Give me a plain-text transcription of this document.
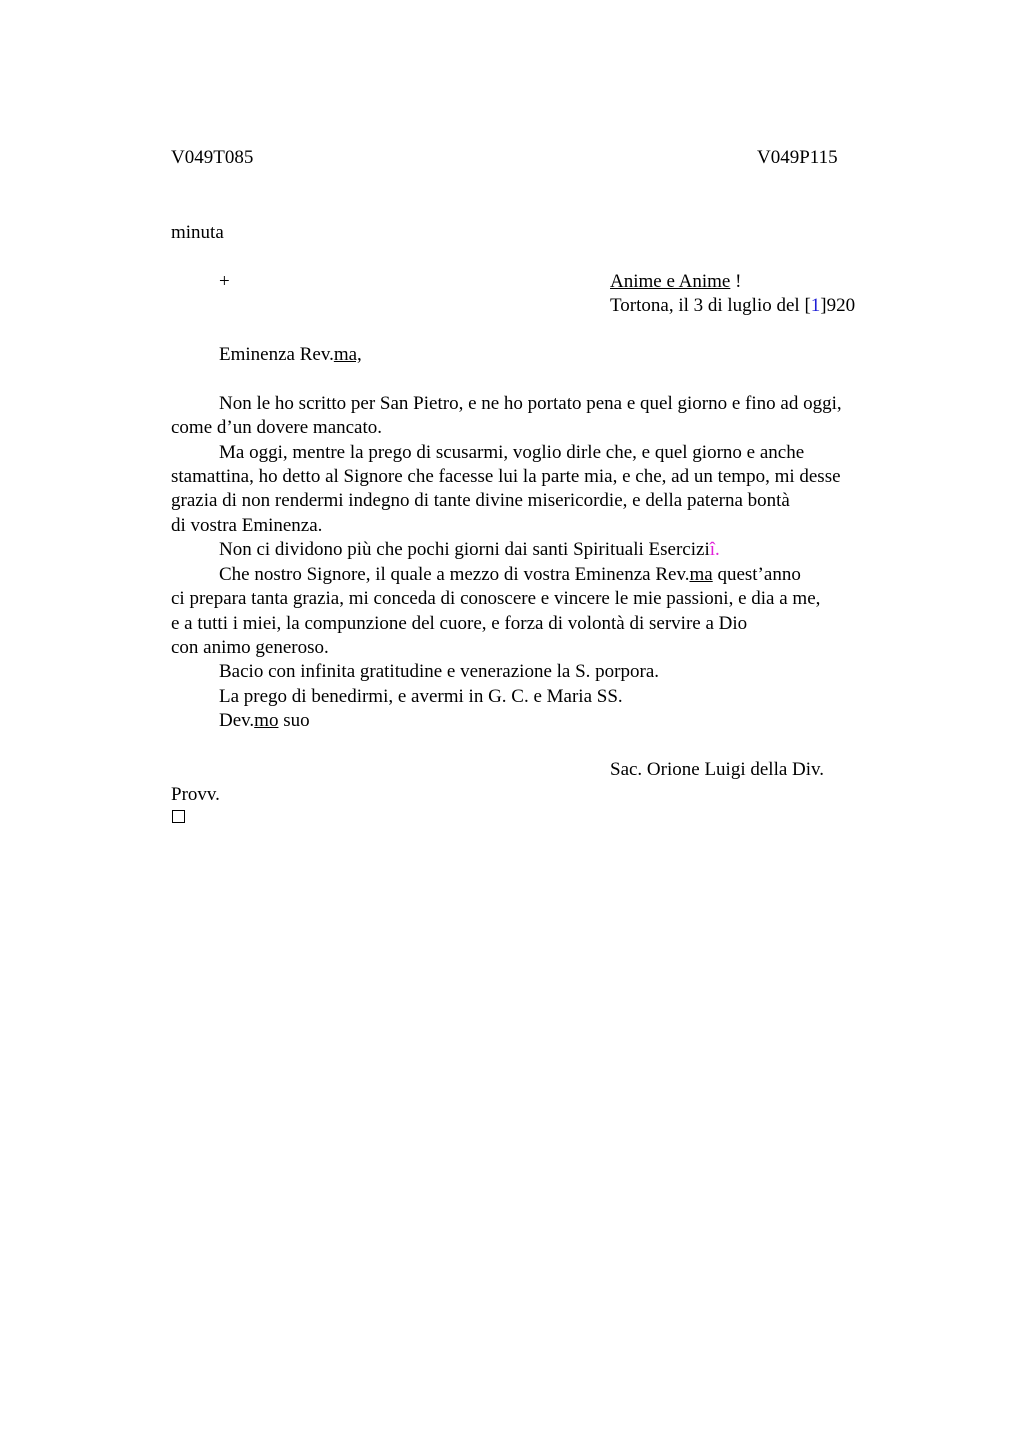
V049T085	V049P115
minuta
+	Anime e Anime !
Tortona, il 3 di luglio del [1]920
Eminenza Rev.ma,
Non le ho scritto per San Pietro, e ne ho portato pena e quel giorno e fino ad oggi,
come d’un dovere mancato.
Ma oggi, mentre la prego di scusarmi, voglio dirle che, e quel giorno e anche
stamattina, ho detto al Signore che facesse lui la parte mia, e che, ad un tempo, mi desse
grazia di non rendermi indegno di tante divine misericordie, e della paterna bontà
di vostra Eminenza.
Non ci dividono più che pochi giorni dai santi Spirituali Eserciziî.
Che nostro Signore, il quale a mezzo di vostra Eminenza Rev.ma quest’anno
ci prepara tanta grazia, mi conceda di conoscere e vincere le mie passioni, e dia a me,
e a tutti i miei, la compunzione del cuore, e forza di volontà di servire a Dio
con animo generoso.
Bacio con infinita gratitudine e venerazione la S. porpora.
La prego di benedirmi, e avermi in G. C. e Maria SS.
Dev.mo suo
Sac. Orione Luigi della Div.
Provv.
